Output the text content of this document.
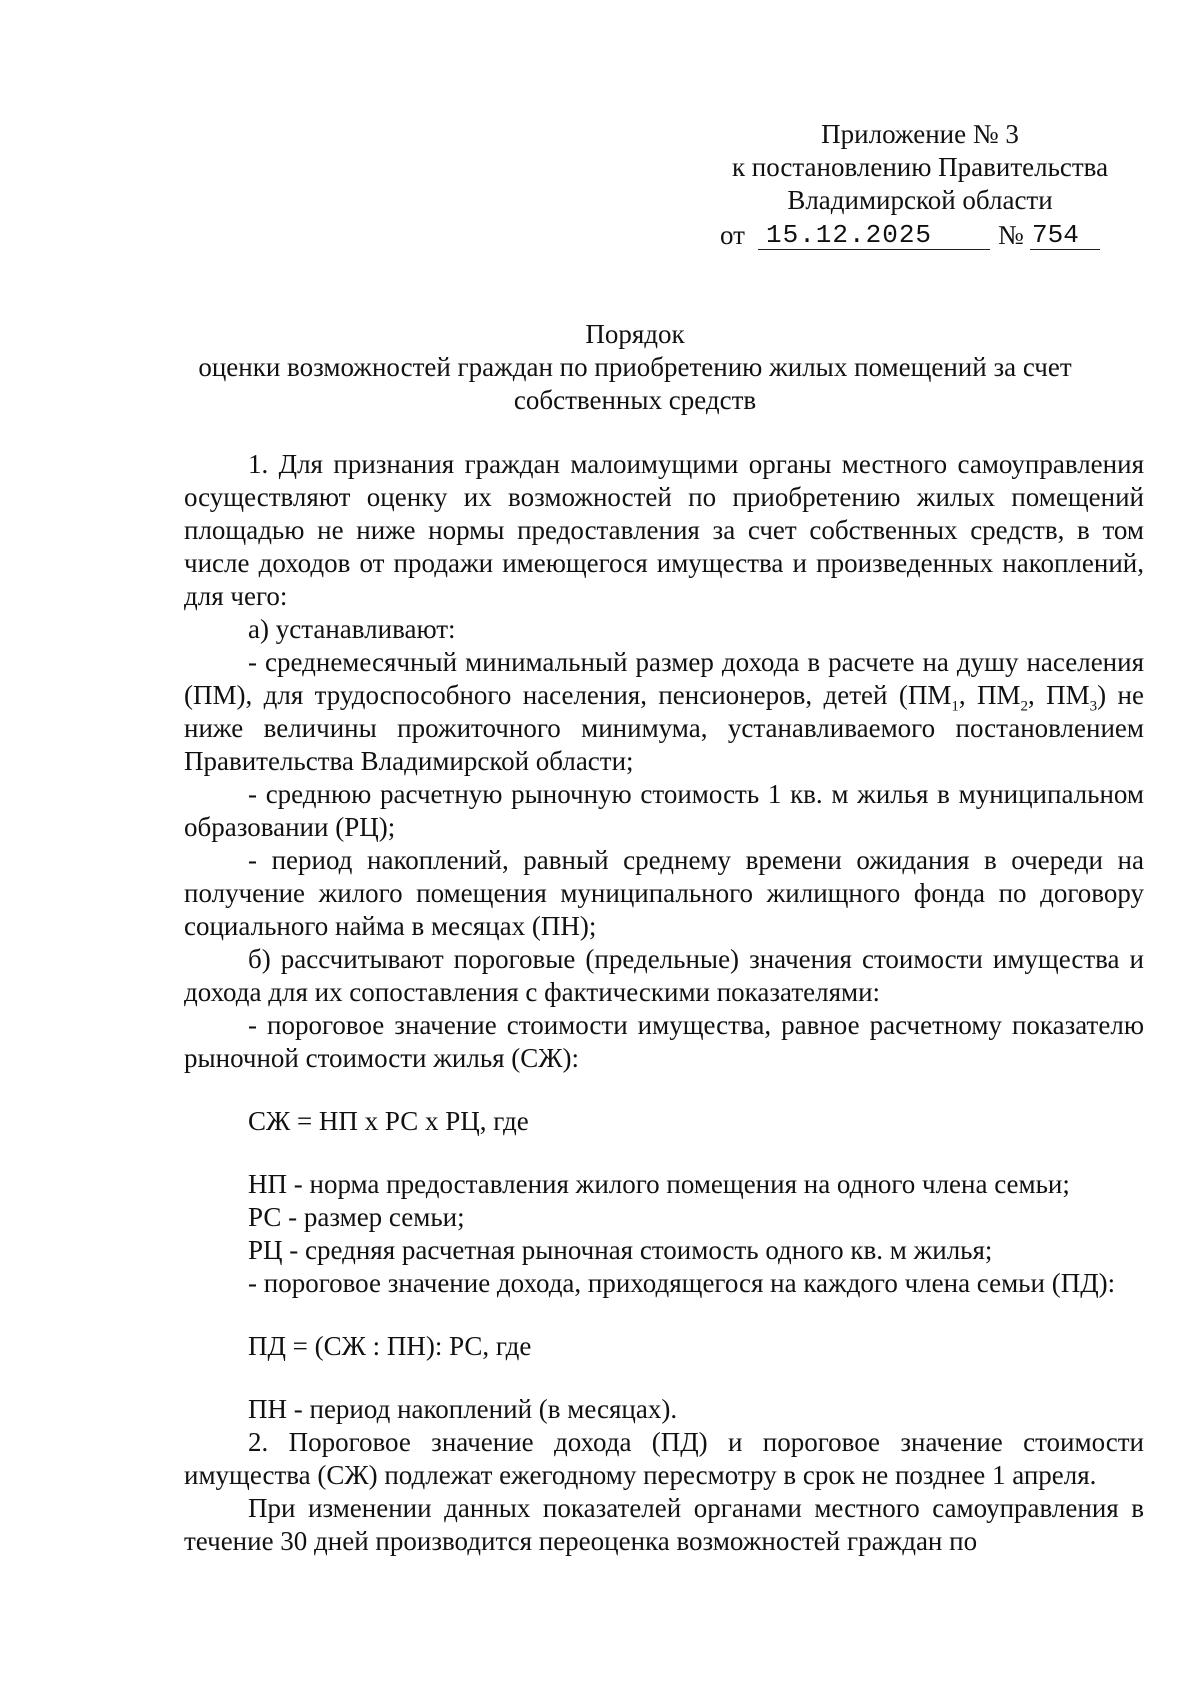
Приложение № 3
к постановлению Правительства
Владимирской области
от 15.12.2025	№ 754
Порядок
оценки возможностей граждан по приобретению жилых помещений за счет
собственных средств

1. Для признания граждан малоимущими органы местного самоуправления осуществляют оценку их возможностей по приобретению жилых помещений площадью не ниже нормы предоставления за счет собственных средств, в том числе доходов от продажи имеющегося имущества и произведенных накоплений, для чего:

а) устанавливают:

- среднемесячный минимальный размер дохода в расчете на душу населения (ПМ), для трудоспособного населения, пенсионеров, детей ($ПМ_1$, $ПМ_2$, $ПМ_3$) не ниже величины прожиточного минимума, устанавливаемого постановлением Правительства Владимирской области;

- среднюю расчетную рыночную стоимость 1 кв. м жилья в муниципальном образовании (РЦ);

- период накоплений, равный среднему времени ожидания в очереди на получение жилого помещения муниципального жилищного фонда по договору социального найма в месяцах (ПН);

б) рассчитывают пороговые (предельные) значения стоимости имущества и дохода для их сопоставления с фактическими показателями:

- пороговое значение стоимости имущества, равное расчетному показателю рыночной стоимости жилья (СЖ):

СЖ = НП х РС х РЦ, где

НП - норма предоставления жилого помещения на одного члена семьи;

РС - размер семьи;

РЦ - средняя расчетная рыночная стоимость одного кв. м жилья;

- пороговое значение дохода, приходящегося на каждого члена семьи (ПД):

ПД = (СЖ : ПН): РС, где

ПН - период накоплений (в месяцах).

2. Пороговое значение дохода (ПД) и пороговое значение стоимости имущества (СЖ) подлежат ежегодному пересмотру в срок не позднее 1 апреля.

При изменении данных показателей органами местного самоуправления в течение 30 дней производится переоценка возможностей граждан по
